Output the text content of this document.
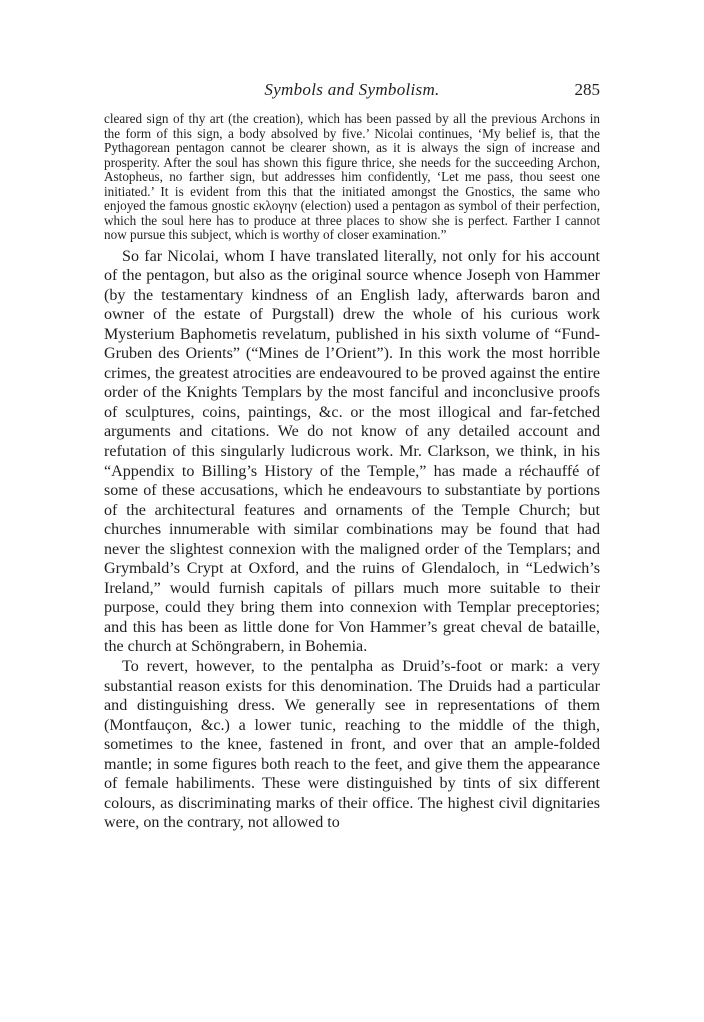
Symbols and Symbolism.	285

cleared sign of thy art (the creation), which has been passed by all the previous Archons in the form of this sign, a body absolved by five.’ Nicolai continues, ‘My belief is, that the Pythagorean pentagon cannot be clearer shown, as it is always the sign of increase and prosperity. After the soul has shown this figure thrice, she needs for the succeeding Archon, Astopheus, no farther sign, but addresses him confidently, ‘Let me pass, thou seest one initiated.’ It is evident from this that the initiated amongst the Gnostics, the same who enjoyed the famous gnostic εκλογην (election) used a pentagon as symbol of their perfection, which the soul here has to produce at three places to show she is perfect. Farther I cannot now pursue this subject, which is worthy of closer examination.”

So far Nicolai, whom I have translated literally, not only for his account of the pentagon, but also as the original source whence Joseph von Hammer (by the testamentary kindness of an English lady, afterwards baron and owner of the estate of Purgstall) drew the whole of his curious work Mysterium Baphometis revelatum, published in his sixth volume of “Fund-Gruben des Orients” (“Mines de l’Orient”). In this work the most horrible crimes, the greatest atrocities are endeavoured to be proved against the entire order of the Knights Templars by the most fanciful and inconclusive proofs of sculptures, coins, paintings, &c. or the most illogical and far-fetched arguments and citations. We do not know of any detailed account and refutation of this singularly ludicrous work. Mr. Clarkson, we think, in his “Appendix to Billing’s History of the Temple,” has made a réchauffé of some of these accusations, which he endeavours to substantiate by portions of the architectural features and ornaments of the Temple Church; but churches innumerable with similar combinations may be found that had never the slightest connexion with the maligned order of the Templars; and Grymbald’s Crypt at Oxford, and the ruins of Glendaloch, in “Ledwich’s Ireland,” would furnish capitals of pillars much more suitable to their purpose, could they bring them into connexion with Templar preceptories; and this has been as little done for Von Hammer’s great cheval de bataille, the church at Schöngrabern, in Bohemia.

To revert, however, to the pentalpha as Druid’s-foot or mark: a very substantial reason exists for this denomination. The Druids had a particular and distinguishing dress. We generally see in representations of them (Montfauçon, &c.) a lower tunic, reaching to the middle of the thigh, sometimes to the knee, fastened in front, and over that an ample-folded mantle; in some figures both reach to the feet, and give them the appearance of female habiliments. These were distinguished by tints of six different colours, as discriminating marks of their office. The highest civil dignitaries were, on the contrary, not allowed to
